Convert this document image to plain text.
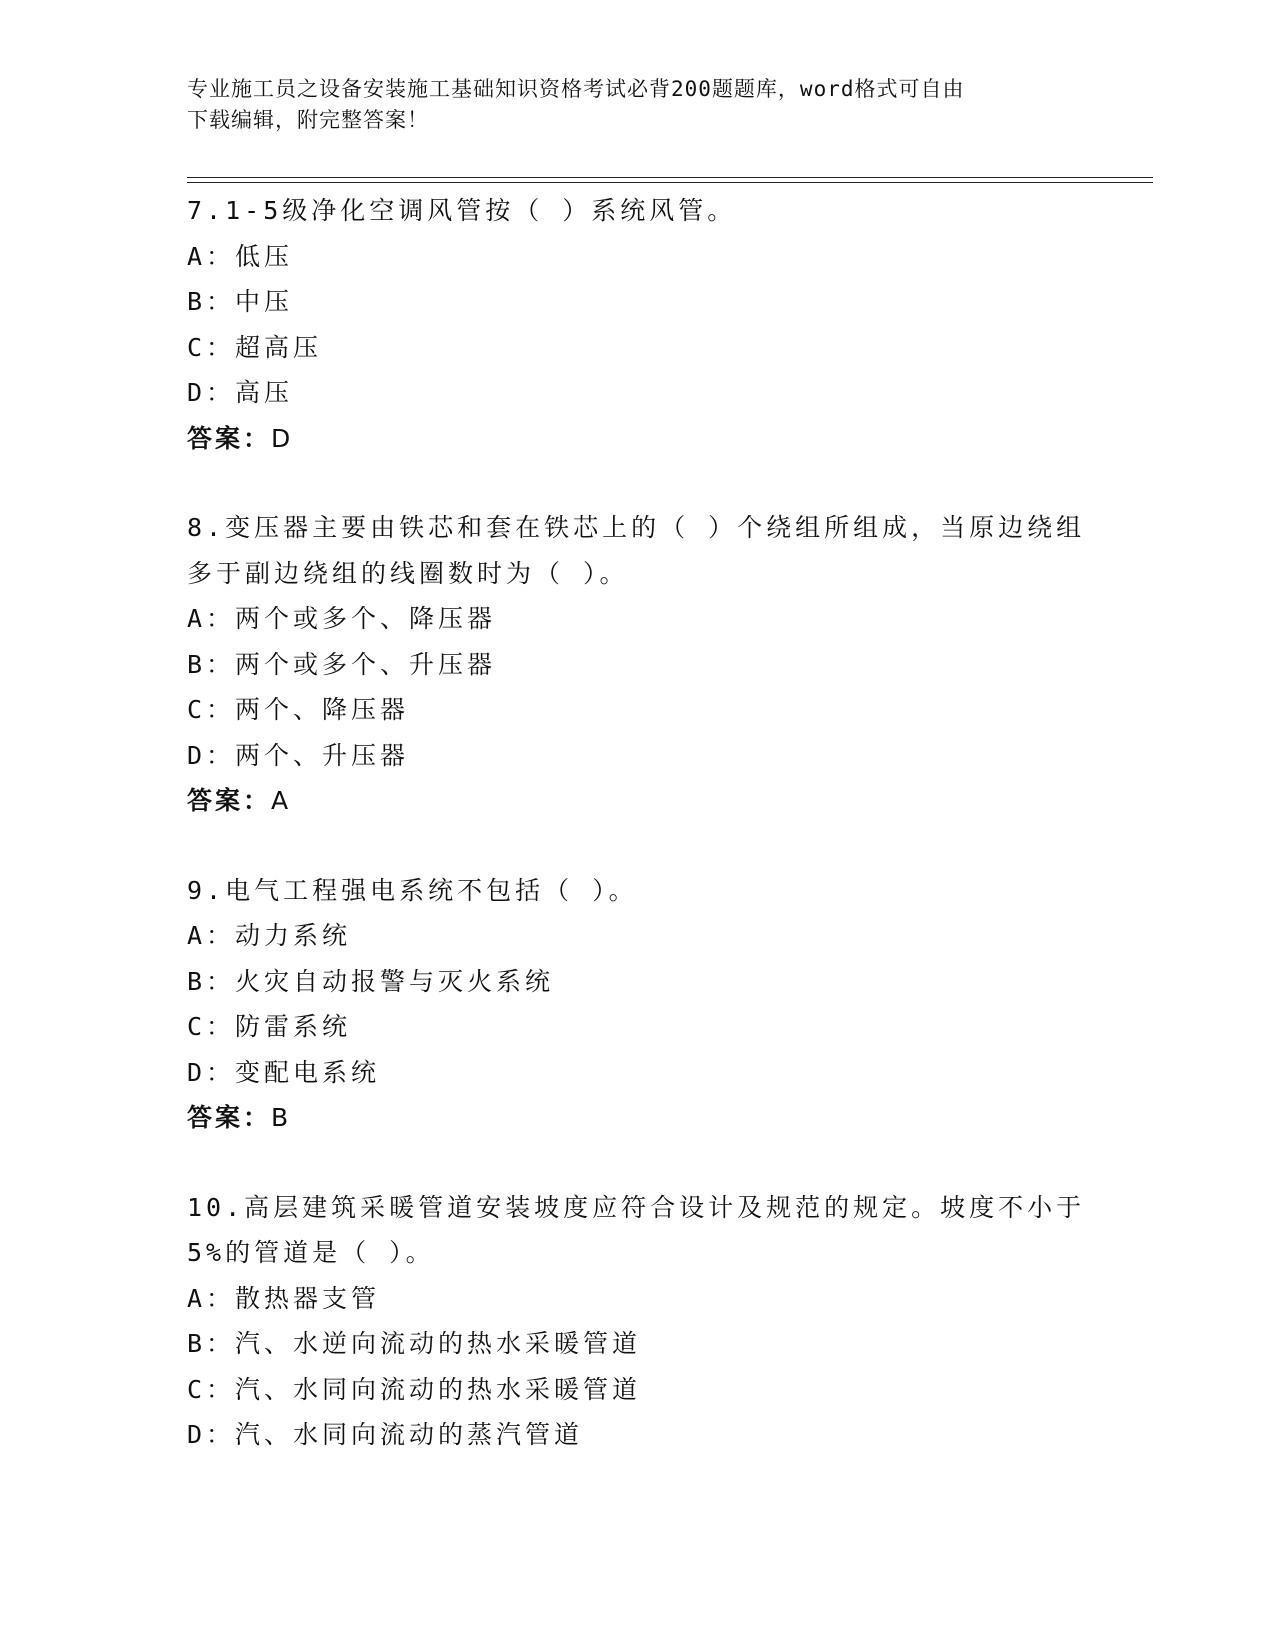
专业施工员之设备安装施工基础知识资格考试必背200题题库，word格式可自由
下载编辑，附完整答案！
7.1-5级净化空调风管按（ ）系统风管。
A：低压
B：中压
C：超高压
D：高压
答案：D
8.变压器主要由铁芯和套在铁芯上的（ ）个绕组所组成，当原边绕组
多于副边绕组的线圈数时为（ ）。
A：两个或多个、降压器
B：两个或多个、升压器
C：两个、降压器
D：两个、升压器
答案：A
9.电气工程强电系统不包括（ ）。
A：动力系统
B：火灾自动报警与灭火系统
C：防雷系统
D：变配电系统
答案：B
10.高层建筑采暖管道安装坡度应符合设计及规范的规定。坡度不小于
5%的管道是（ ）。
A：散热器支管
B：汽、水逆向流动的热水采暖管道
C：汽、水同向流动的热水采暖管道
D：汽、水同向流动的蒸汽管道
